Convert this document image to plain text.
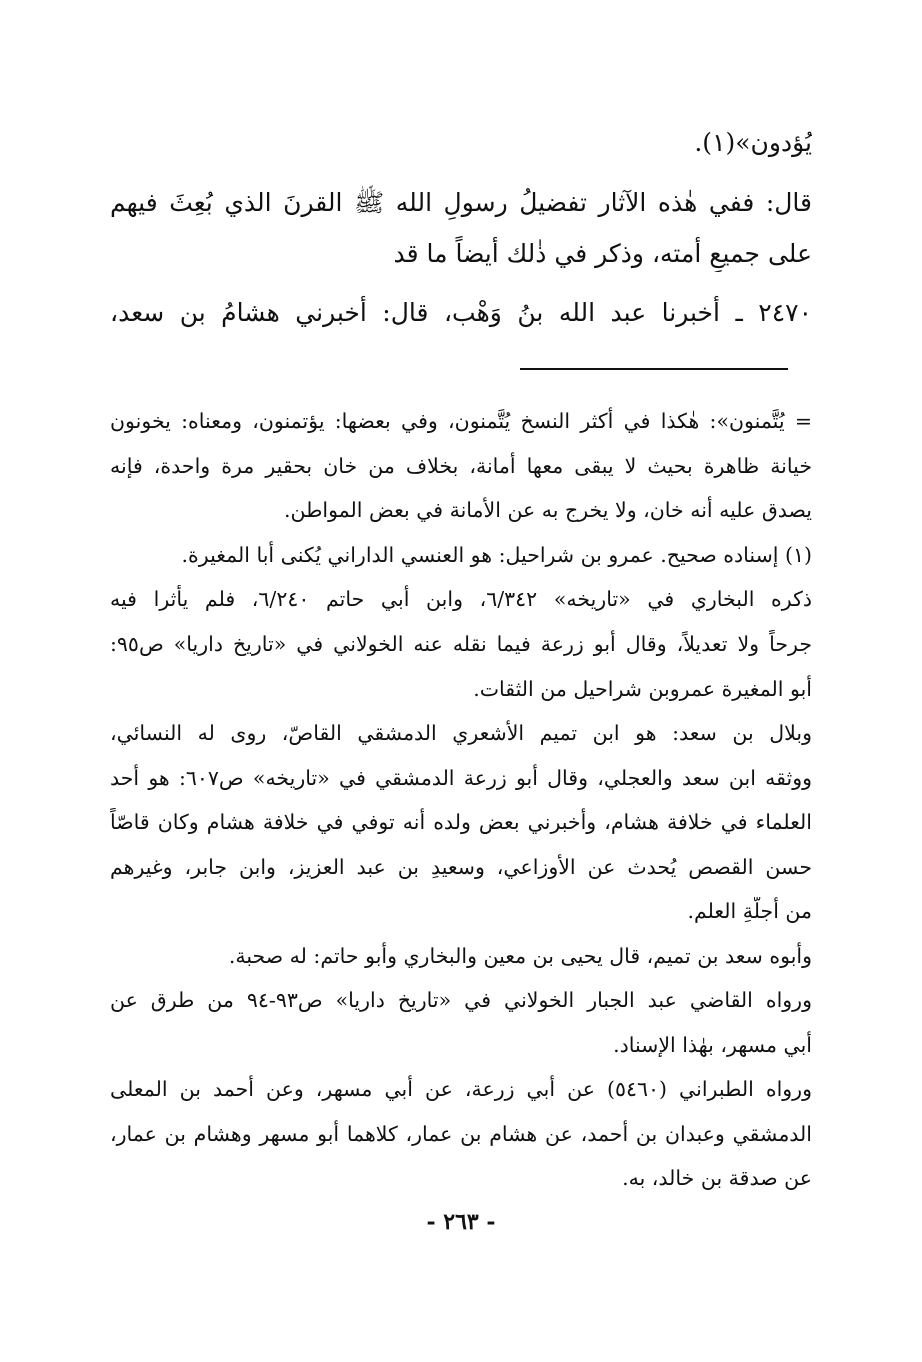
يُؤدون»(١).
قال: ففي هٰذه الآثار تفضيلُ رسولِ الله ﷺ القرنَ الذي بُعِثَ فيهم
على جميعِ أمته، وذكر في ذٰلك أيضاً ما قد
٢٤٧٠ ـ أخبرنا عبد الله بنُ وَهْب، قال: أخبرني هشامُ بن سعد،
= يُتَّمنون»: هٰكذا في أكثر النسخ يُتَّمنون، وفي بعضها: يؤتمنون، ومعناه: يخونون
خيانة ظاهرة بحيث لا يبقى معها أمانة، بخلاف من خان بحقير مرة واحدة، فإنه
يصدق عليه أنه خان، ولا يخرج به عن الأمانة في بعض المواطن.
(١) إسناده صحيح. عمرو بن شراحيل: هو العنسي الداراني يُكنى أبا المغيرة.
ذكره البخاري في «تاريخه» ٦/٣٤٢، وابن أبي حاتم ٦/٢٤٠، فلم يأثرا فيه
جرحاً ولا تعديلاً، وقال أبو زرعة فيما نقله عنه الخولاني في «تاريخ داريا» ص٩٥:
أبو المغيرة عمروبن شراحيل من الثقات.
وبلال بن سعد: هو ابن تميم الأشعري الدمشقي القاصّ، روى له النسائي،
ووثقه ابن سعد والعجلي، وقال أبو زرعة الدمشقي في «تاريخه» ص٦٠٧: هو أحد
العلماء في خلافة هشام، وأخبرني بعض ولده أنه توفي في خلافة هشام وكان قاصّاً
حسن القصص يُحدث عن الأوزاعي، وسعيدِ بن عبد العزيز، وابن جابر، وغيرهم
من أجلّةِ العلم.
وأبوه سعد بن تميم، قال يحيى بن معين والبخاري وأبو حاتم: له صحبة.
ورواه القاضي عبد الجبار الخولاني في «تاريخ داريا» ص٩٣-٩٤ من طرق عن
أبي مسهر، بهٰذا الإسناد.
ورواه الطبراني (٥٤٦٠) عن أبي زرعة، عن أبي مسهر، وعن أحمد بن المعلى
الدمشقي وعبدان بن أحمد، عن هشام بن عمار، كلاهما أبو مسهر وهشام بن عمار،
عن صدقة بن خالد، به.
- ٢٦٣ -
